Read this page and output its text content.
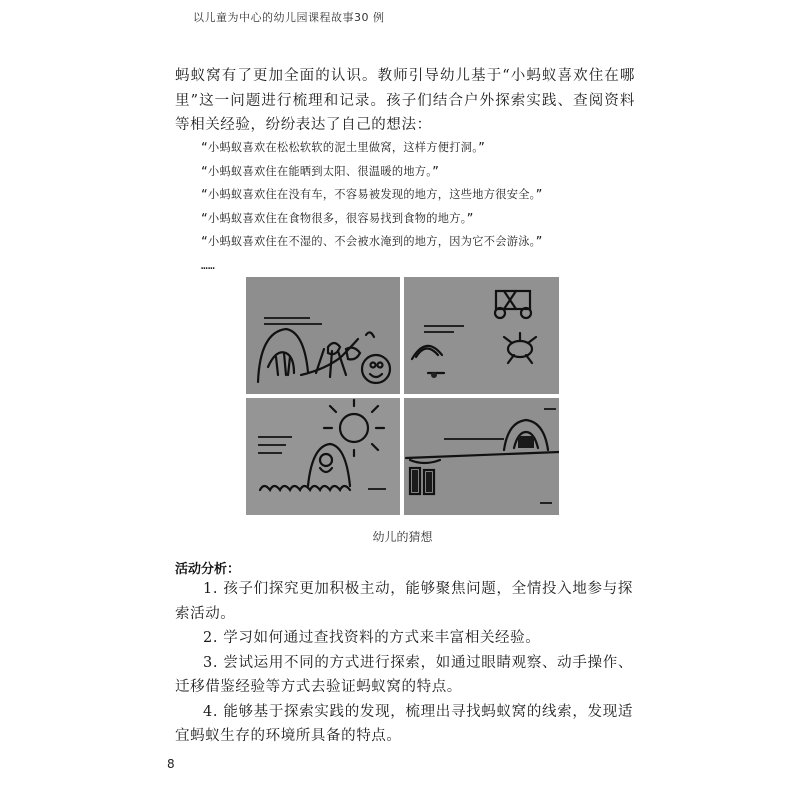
以儿童为中心的幼儿园课程故事30 例

蚂蚁窝有了更加全面的认识。教师引导幼儿基于“小蚂蚁喜欢住在哪里”这一问题进行梳理和记录。孩子们结合户外探索实践、查阅资料等相关经验，纷纷表达了自己的想法：

“小蚂蚁喜欢在松松软软的泥土里做窝，这样方便打洞。”
“小蚂蚁喜欢住在能晒到太阳、很温暖的地方。”
“小蚂蚁喜欢住在没有车，不容易被发现的地方，这些地方很安全。”
“小蚂蚁喜欢住在食物很多，很容易找到食物的地方。”
“小蚂蚁喜欢住在不湿的、不会被水淹到的地方，因为它不会游泳。”
……
幼儿的猜想
活动分析：
1. 孩子们探究更加积极主动，能够聚焦问题，全情投入地参与探索活动。
2. 学习如何通过查找资料的方式来丰富相关经验。
3. 尝试运用不同的方式进行探索，如通过眼睛观察、动手操作、迁移借鉴经验等方式去验证蚂蚁窝的特点。
4. 能够基于探索实践的发现，梳理出寻找蚂蚁窝的线索，发现适宜蚂蚁生存的环境所具备的特点。
8
